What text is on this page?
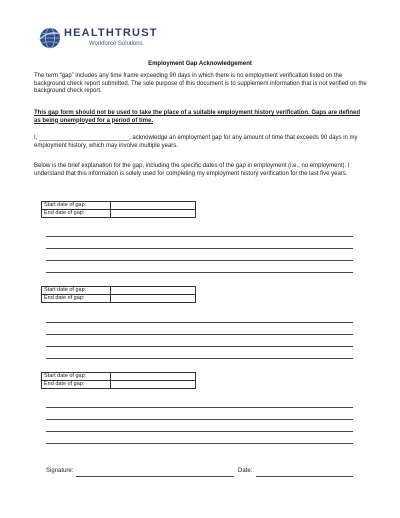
HEALTHTRUST
Workforce Solutions
Employment Gap Acknowledgement
The term “gap” includes any time frame exceeding 90 days in which there is no employment verification listed on the background check report submitted. The sole purpose of this document is to supplement information that is not verified on the background check report.
This gap form should not be used to take the place of a suitable employment history verification. Gaps are defined as being unemployed for a period of time.
I, ___________________________, acknowledge an employment gap for any amount of time that exceeds 90 days in my employment history, which may involve multiple years.
Below is the brief explanation for the gap, including the specific dates of the gap in employment (i.e., no employment). I understand that this information is solely used for completing my employment history verification for the last five years.
Start date of gap:	
End date of gap:	
Start date of gap:	
End date of gap:	
Start date of gap:	
End date of gap:	
Signature:	Date:
